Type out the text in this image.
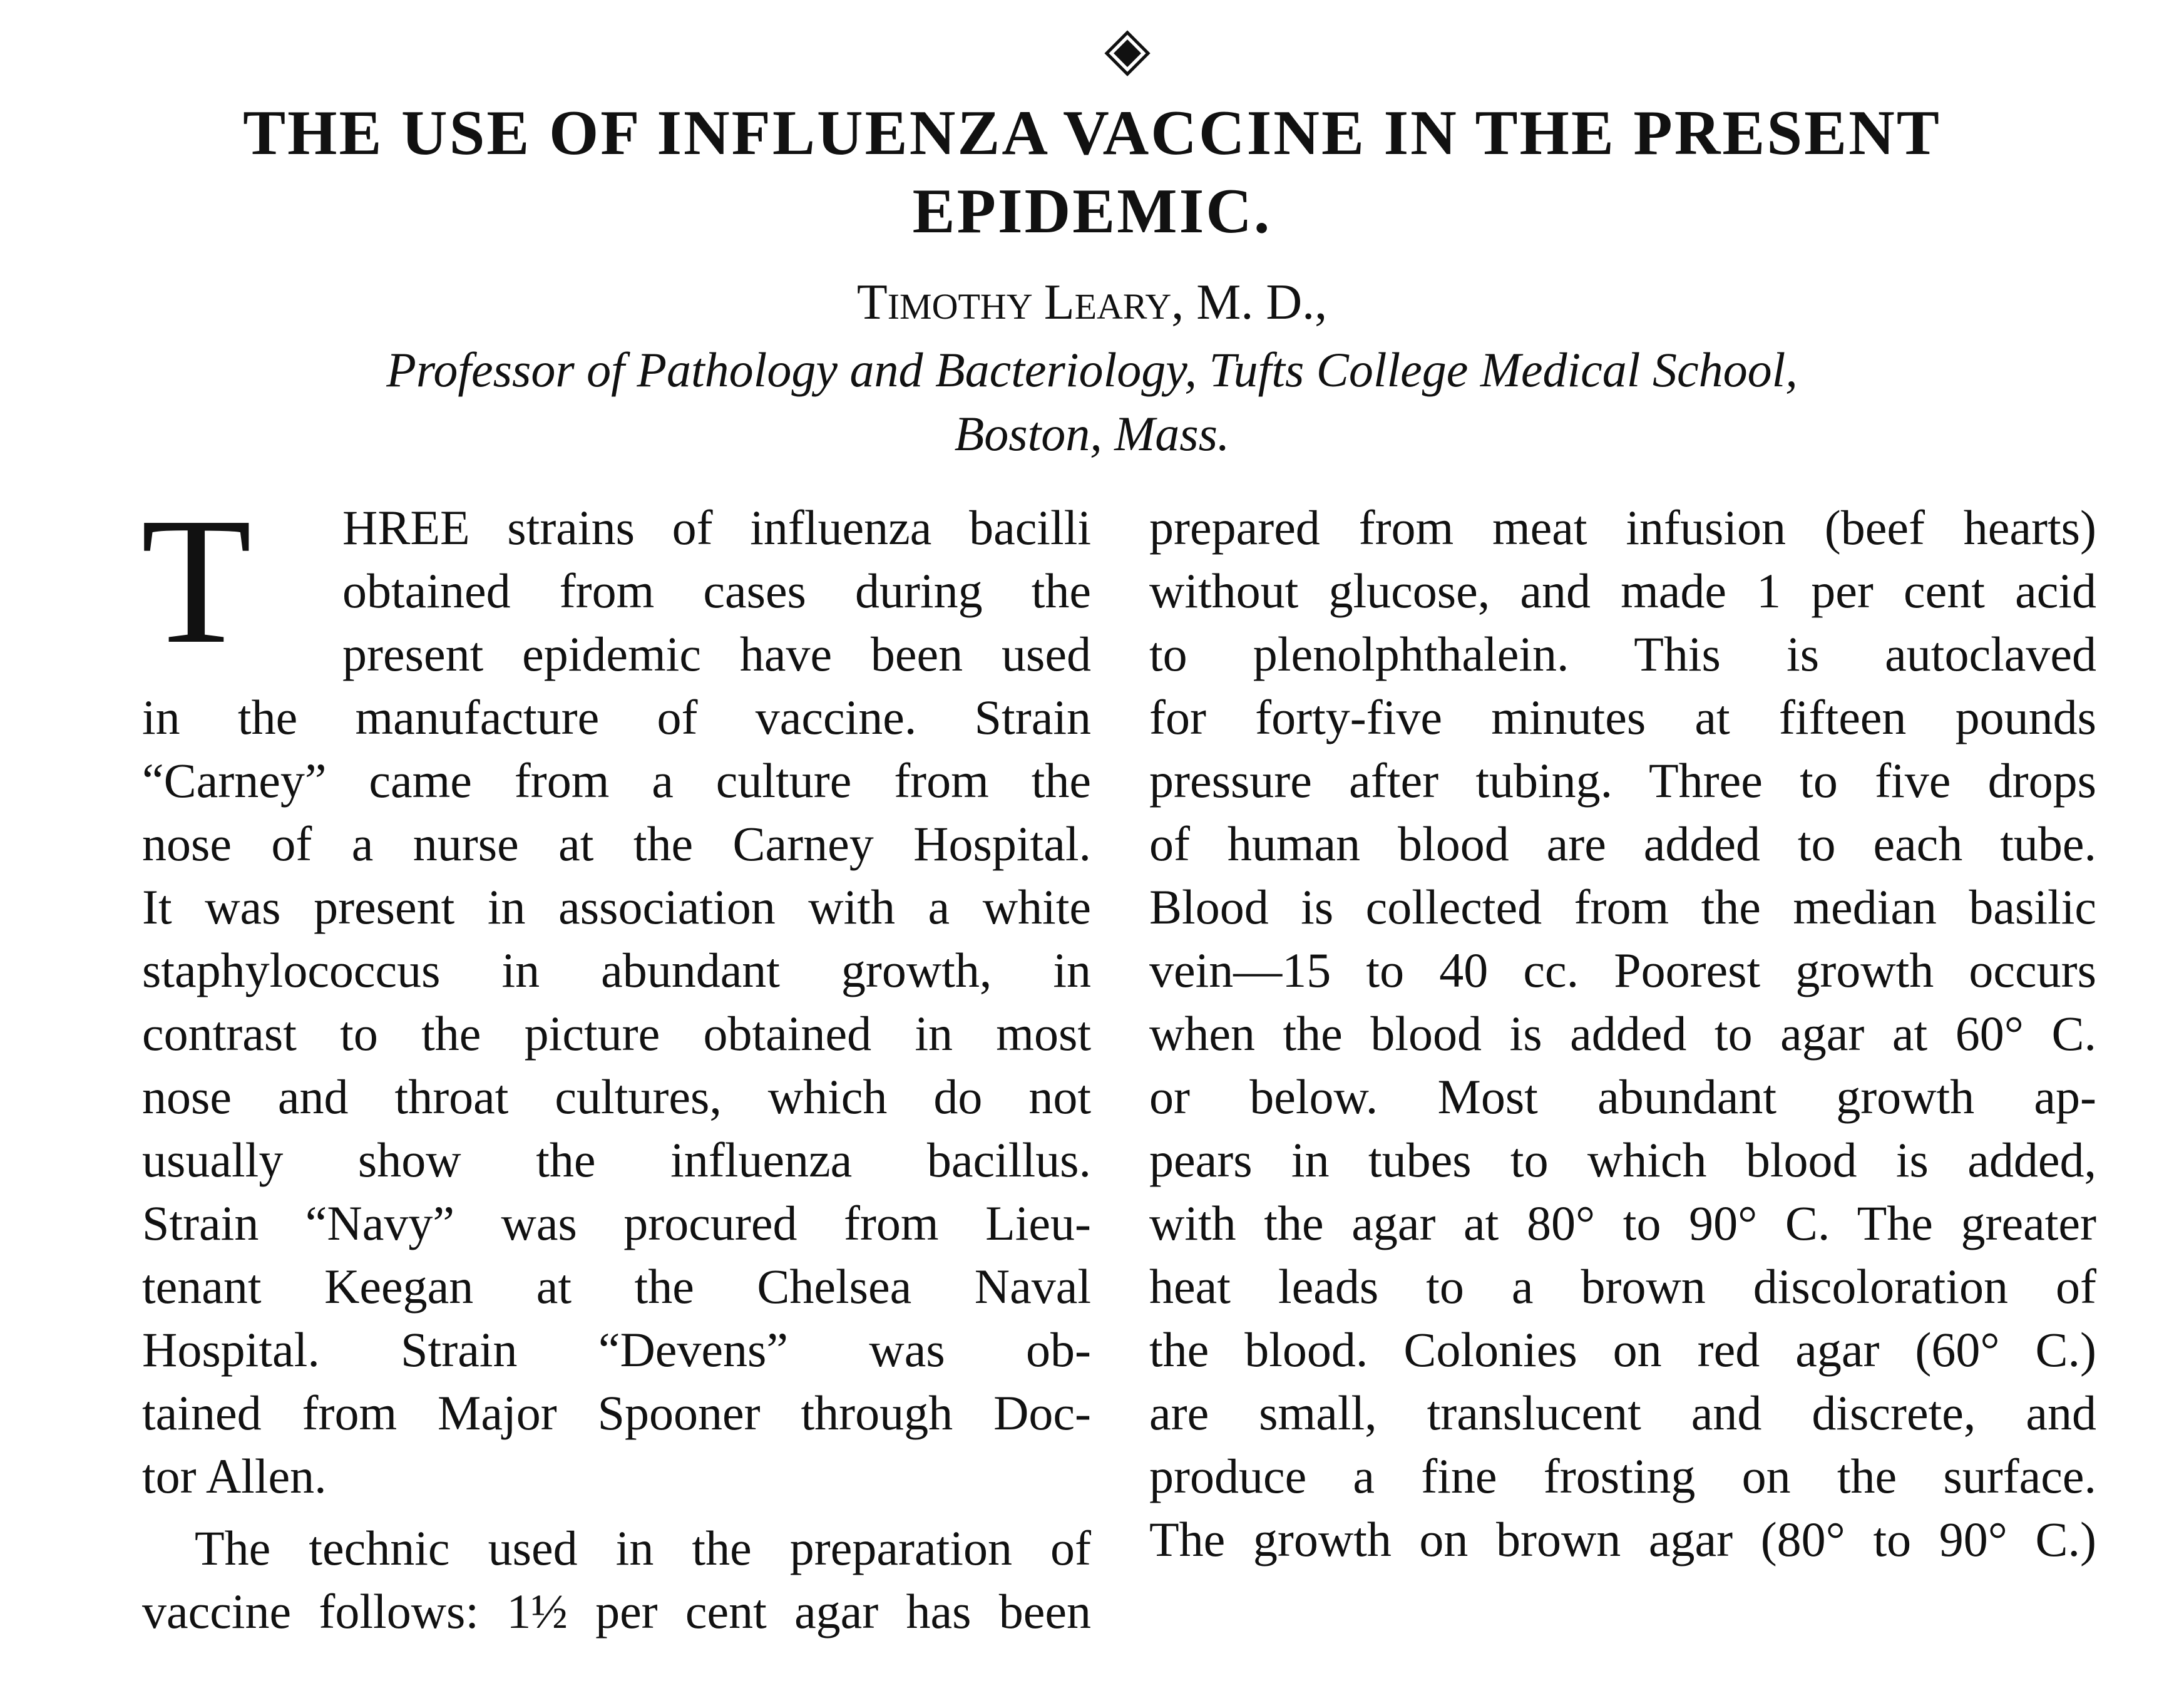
◈
THE USE OF INFLUENZA VACCINE IN THE PRESENT
EPIDEMIC.
TIMOTHY LEARY, M. D.,
Professor of Pathology and Bacteriology, Tufts College Medical School,
Boston, Mass.
T	HREE strains of influenza bacilli
obtained from cases during the
present epidemic have been used
in the manufacture of vaccine. Strain
“Carney” came from a culture from the
nose of a nurse at the Carney Hospital.
It was present in association with a white
staphylococcus in abundant growth, in
contrast to the picture obtained in most
nose and throat cultures, which do not
usually show the influenza bacillus.
Strain “Navy” was procured from Lieu-
tenant Keegan at the Chelsea Naval
Hospital. Strain “Devens” was ob-
tained from Major Spooner through Doc-
tor Allen.
The technic used in the preparation of
vaccine follows: 1½ per cent agar has been
prepared from meat infusion (beef hearts)
without glucose, and made 1 per cent acid
to plenolphthalein. This is autoclaved
for forty-five minutes at fifteen pounds
pressure after tubing. Three to five drops
of human blood are added to each tube.
Blood is collected from the median basilic
vein—15 to 40 cc. Poorest growth occurs
when the blood is added to agar at 60° C.
or below. Most abundant growth ap-
pears in tubes to which blood is added,
with the agar at 80° to 90° C. The greater
heat leads to a brown discoloration of
the blood. Colonies on red agar (60° C.)
are small, translucent and discrete, and
produce a fine frosting on the surface.
The growth on brown agar (80° to 90° C.)
